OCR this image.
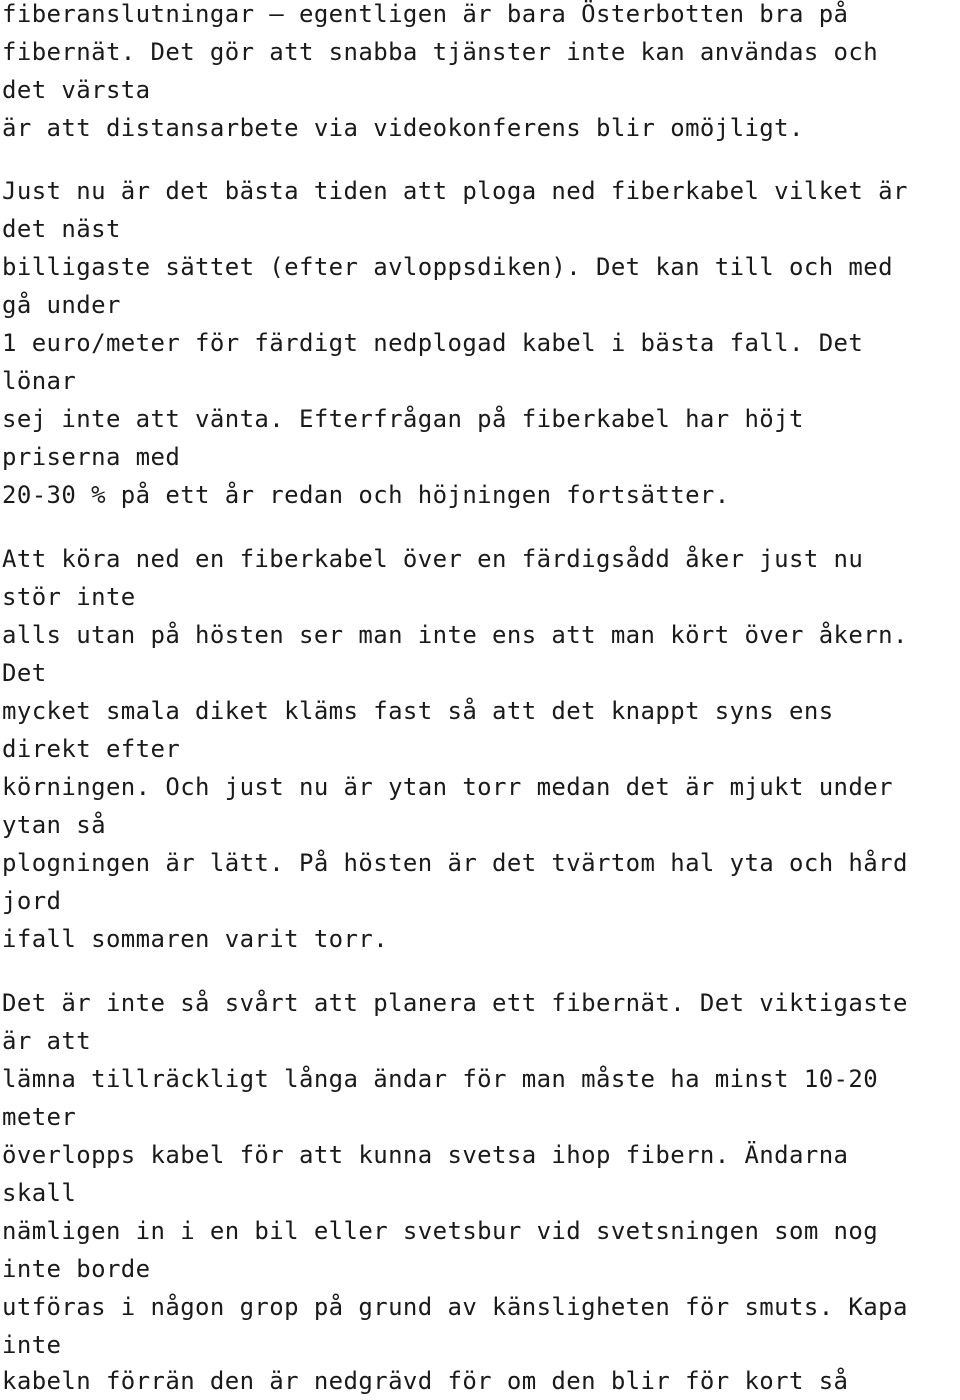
fiberanslutningar – egentligen är bara Österbotten bra på

fibernät. Det gör att snabba tjänster inte kan användas och

det värsta

är att distansarbete via videokonferens blir omöjligt.

Just nu är det bästa tiden att ploga ned fiberkabel vilket är

det näst

billigaste sättet (efter avloppsdiken). Det kan till och med

gå under

1 euro/meter för färdigt nedplogad kabel i bästa fall. Det

lönar

sej inte att vänta. Efterfrågan på fiberkabel har höjt

priserna med

20-30 % på ett år redan och höjningen fortsätter.

Att köra ned en fiberkabel över en färdigsådd åker just nu

stör inte

alls utan på hösten ser man inte ens att man kört över åkern.

Det

mycket smala diket kläms fast så att det knappt syns ens

direkt efter

körningen. Och just nu är ytan torr medan det är mjukt under

ytan så

plogningen är lätt. På hösten är det tvärtom hal yta och hård

jord

ifall sommaren varit torr.

Det är inte så svårt att planera ett fibernät. Det viktigaste

är att

lämna tillräckligt långa ändar för man måste ha minst 10-20

meter

överlopps kabel för att kunna svetsa ihop fibern. Ändarna

skall

nämligen in i en bil eller svetsbur vid svetsningen som nog

inte borde

utföras i någon grop på grund av känsligheten för smuts. Kapa

inte

kabeln förrän den är nedgrävd för om den blir för kort så
